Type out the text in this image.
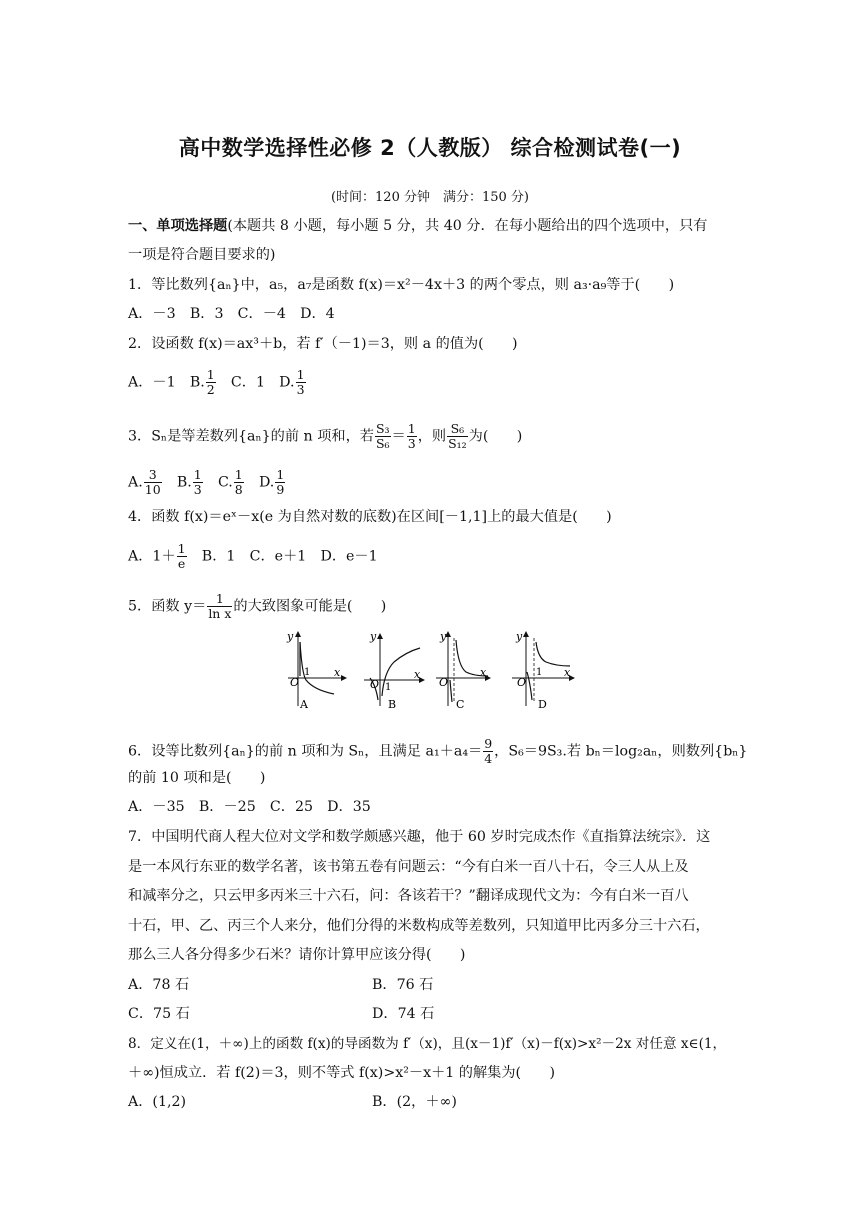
高中数学选择性必修 2（人教版） 综合检测试卷(一)
(时间：120 分钟　满分：150 分)
一、单项选择题(本题共 8 小题，每小题 5 分，共 40 分．在每小题给出的四个选项中，只有
一项是符合题目要求的)
1．等比数列{aₙ}中，a₅，a₇是函数 f(x)＝x²－4x＋3 的两个零点，则 a₃·a₉等于(　　)
A．－3　B．3　C．－4　D．4
2．设函数 f(x)＝ax³＋b，若 f′（－1)＝3，则 a 的值为(　　)
A．－1　B. $\frac{1}{2}$ 　C．1　D. $\frac{1}{3}$
3．Sₙ是等差数列{aₙ}的前 n 项和，若 $\frac{\text{S₃}}{\text{S₆}} = \frac{1}{3}$ ，则 $\frac{\text{S₆}}{\text{S₁₂}}$ 为(　　)
A. $\frac{3}{10}$ 　B. $\frac{1}{3}$ 　C. $\frac{1}{8}$ 　D. $\frac{1}{9}$
4．函数 f(x)＝eˣ－x(e 为自然对数的底数)在区间[－1,1]上的最大值是(　　)
A．$1+ \frac{1}{e}$ 　B．1　C．e＋1　D．e－1
5．函数 $y= \frac{1}{\text{ln x}}$ 的大致图象可能是(　　)
O
1
y
x
A
O 1
y
x
B
O
y
x
C
O
1
y
x
D
6．设等比数列{aₙ}的前 n 项和为 Sₙ，且满足 $a_1+a_4= \frac{9}{4}$ ，S₆＝9S₃.若 bₙ＝log₂aₙ，则数列{bₙ}
的前 10 项和是(　　)
A．－35　B．－25　C．25　D．35
7．中国明代商人程大位对文学和数学颇感兴趣，他于 60 岁时完成杰作《直指算法统宗》．这
是一本风行东亚的数学名著，该书第五卷有问题云：“今有白米一百八十石，令三人从上及
和减率分之，只云甲多丙米三十六石，问：各该若干？”翻译成现代文为：今有白米一百八
十石，甲、乙、丙三个人来分，他们分得的米数构成等差数列，只知道甲比丙多分三十六石，
那么三人各分得多少石米？请你计算甲应该分得(　　)
A．78 石	B．76 石
C．75 石	D．74 石
8．定义在(1，＋∞)上的函数 f(x)的导函数为 f′（x)，且(x－1)f′（x)－f(x)>x²－2x 对任意 x∈(1，
＋∞)恒成立．若 f(2)＝3，则不等式 f(x)>x²－x＋1 的解集为(　　)
A．(1,2)	B．(2，＋∞)
